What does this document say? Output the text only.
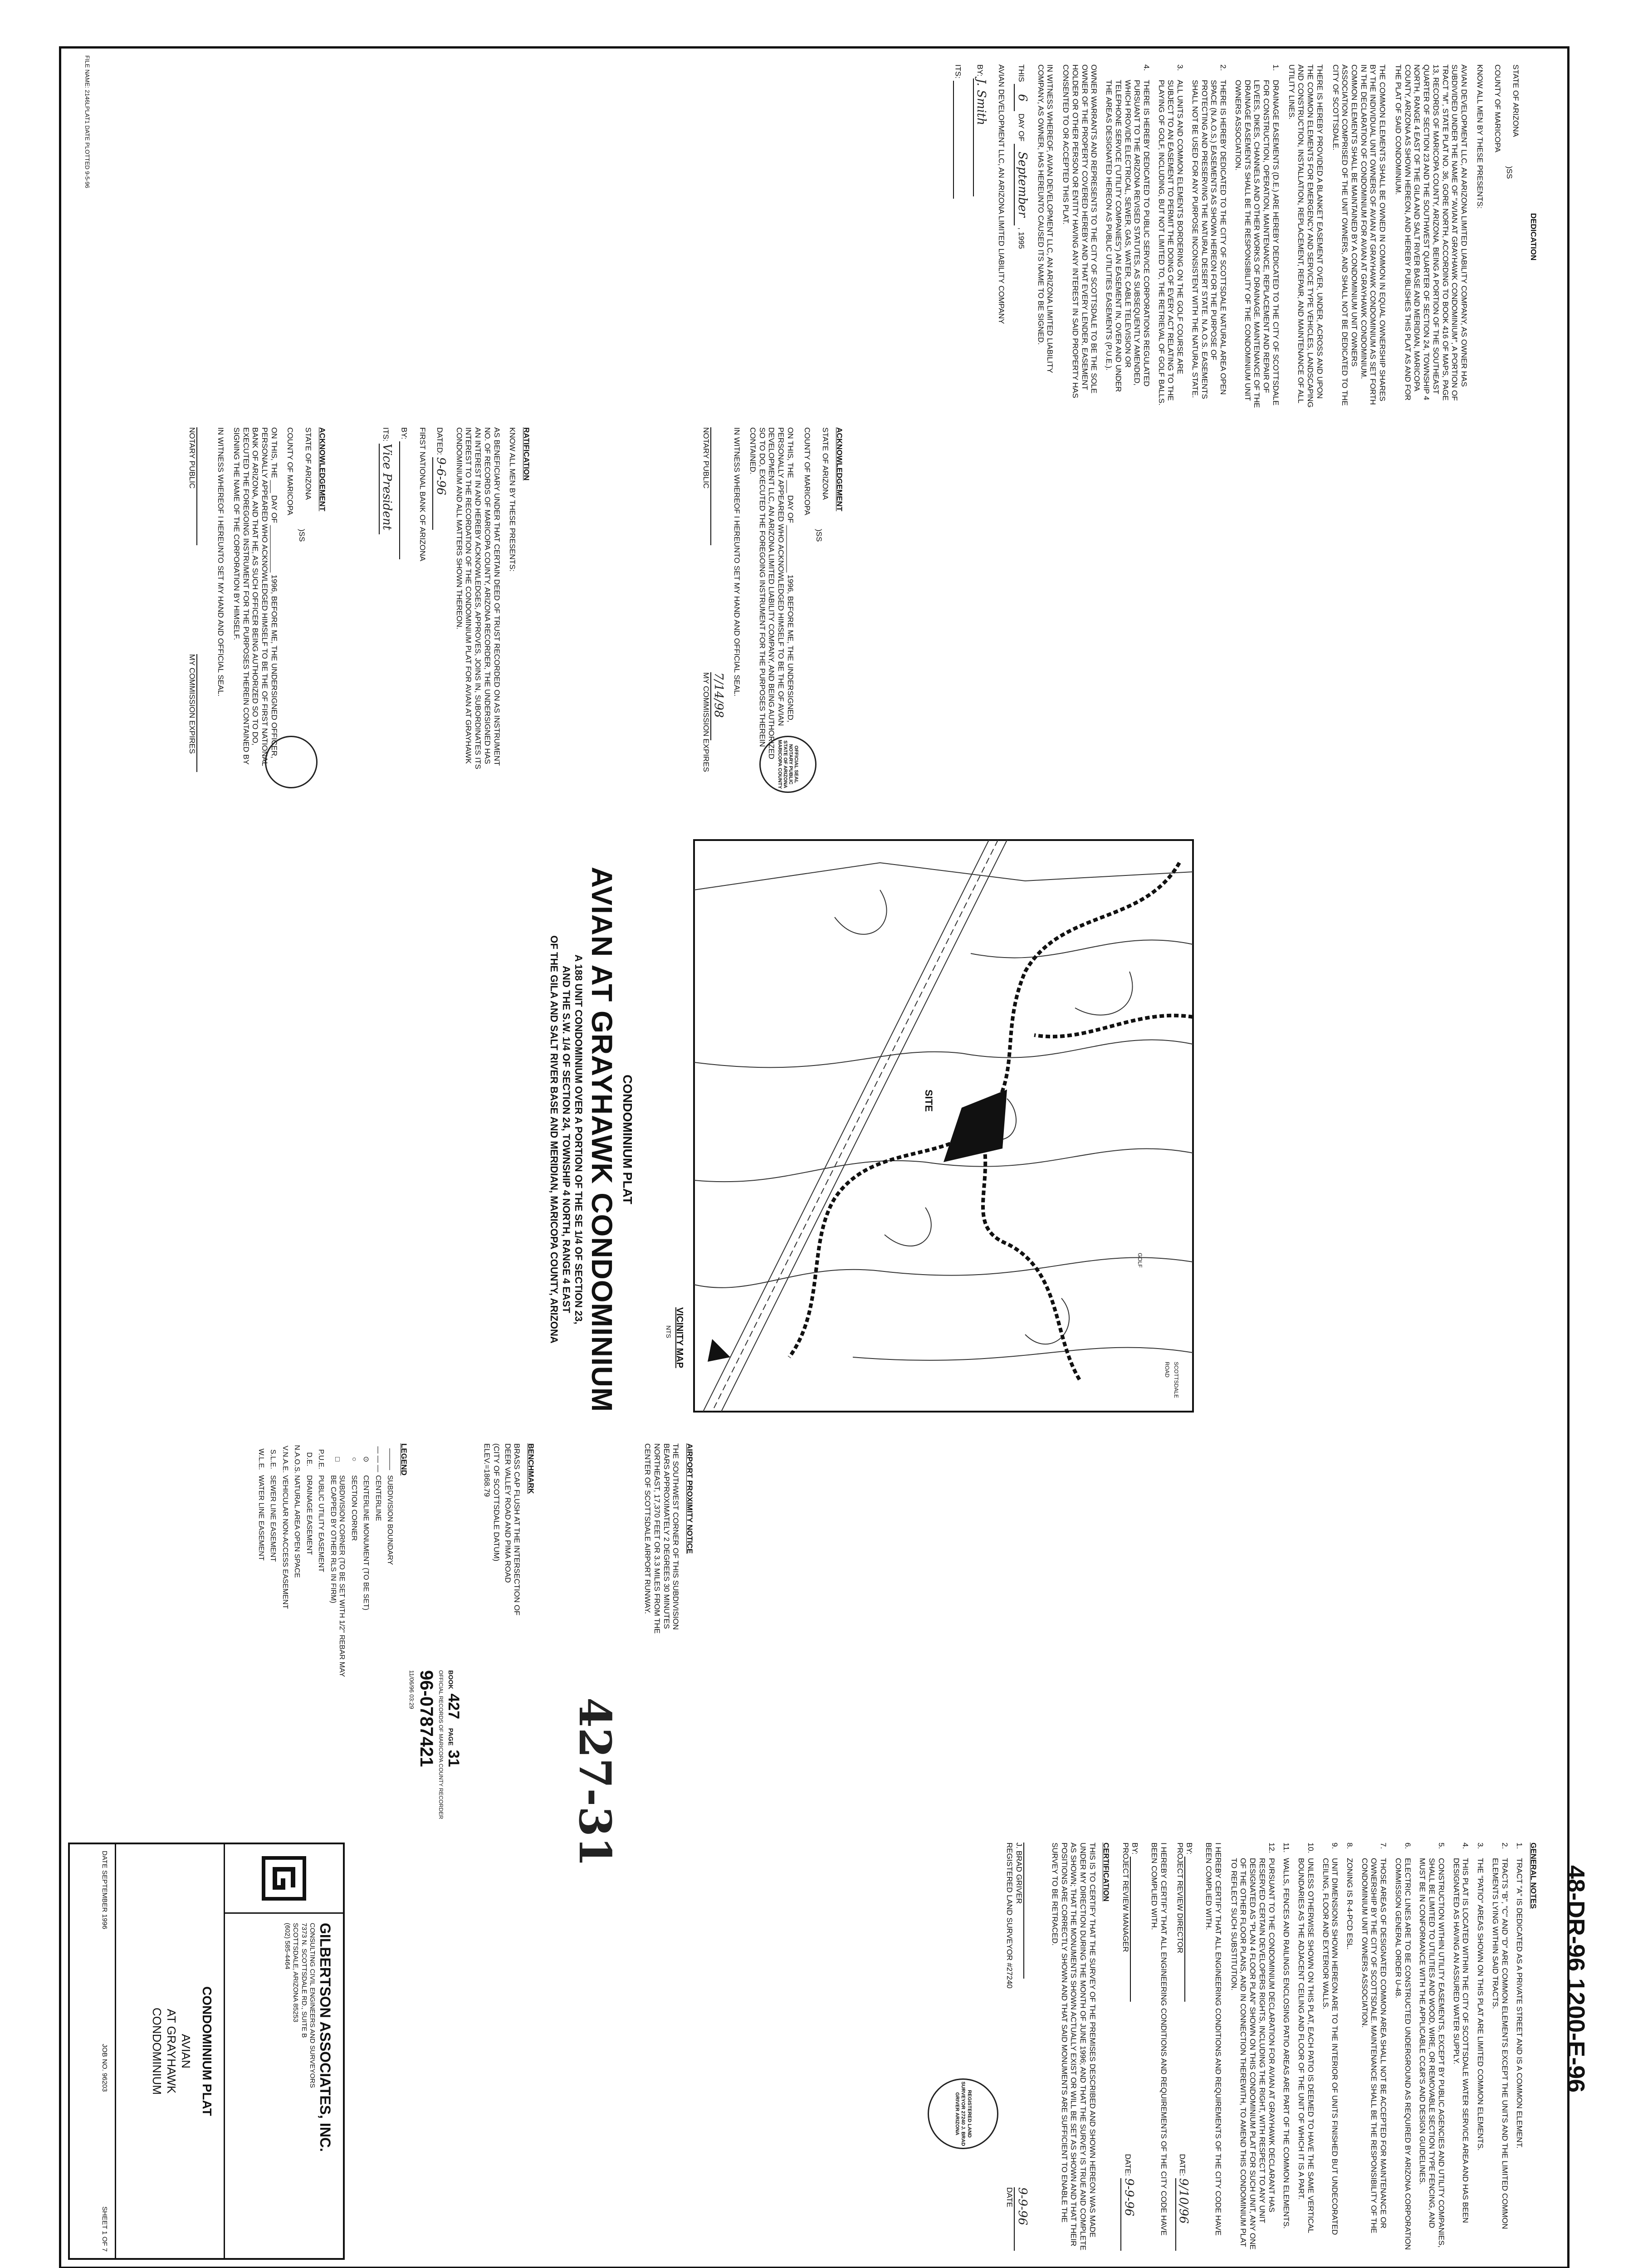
48-DR-96 1200-E-96
DEDICATION
STATE OF ARIZONA
COUNTY OF MARICOPA
)SS

KNOW ALL MEN BY THESE PRESENTS:

AVIAN DEVELOPMENT LLC, AN ARIZONA LIMITED LIABILITY COMPANY, AS OWNER HAS SUBDIVIDED UNDER THE NAME OF "AVIAN AT GRAYHAWK CONDOMINIUM", A PORTION OF TRACT "M", STATE PLAT NO. 36, GORE NORTH, ACCORDING TO BOOK 416 OF MAPS, PAGE 13, RECORDS OF MARICOPA COUNTY, ARIZONA, BEING A PORTION OF THE SOUTHEAST QUARTER OF SECTION 23 AND THE SOUTHWEST QUARTER OF SECTION 24, TOWNSHIP 4 NORTH, RANGE 4 EAST OF THE GILA AND SALT RIVER BASE AND MERIDIAN, MARICOPA COUNTY, ARIZONA AS SHOWN HEREON, AND HEREBY PUBLISHES THIS PLAT AS AND FOR THE PLAT OF SAID CONDOMINIUM.

THE COMMON ELEMENTS SHALL BE OWNED IN COMMON IN EQUAL OWNERSHIP SHARES BY THE INDIVIDUAL UNIT OWNERS OF AVIAN AT GRAYHAWK CONDOMINIUM AS SET FORTH IN THE DECLARATION OF CONDOMINIUM FOR AVIAN AT GRAYHAWK CONDOMINIUM. COMMON ELEMENTS SHALL BE MAINTAINED BY A CONDOMINIUM UNIT OWNERS ASSOCIATION COMPRISED OF THE UNIT OWNERS, AND SHALL NOT BE DEDICATED TO THE CITY OF SCOTTSDALE.

THERE IS HEREBY PROVIDED A BLANKET EASEMENT OVER, UNDER, ACROSS AND UPON THE COMMON ELEMENTS FOR EMERGENCY AND SERVICE TYPE VEHICLES, LANDSCAPING AND CONSTRUCTION, INSTALLATION, REPLACEMENT, REPAIR, AND MAINTENANCE OF ALL UTILITY LINES.

1.
DRAINAGE EASEMENTS (D.E.) ARE HEREBY DEDICATED TO THE CITY OF SCOTTSDALE FOR CONSTRUCTION, OPERATION, MAINTENANCE, REPLACEMENT AND REPAIR OF LEVEES, DIKES, CHANNELS AND OTHER WORKS OF DRAINAGE. MAINTENANCE OF THE DRAINAGE EASEMENTS SHALL BE THE RESPONSIBILITY OF THE CONDOMINIUM UNIT OWNERS ASSOCIATION.
2.
THERE IS HEREBY DEDICATED TO THE CITY OF SCOTTSDALE NATURAL AREA OPEN SPACE (N.A.O.S.) EASEMENTS AS SHOWN HEREON FOR THE PURPOSE OF PROTECTING AND PRESERVING THE NATURAL DESERT STATE. N.A.O.S. EASEMENTS SHALL NOT BE USED FOR ANY PURPOSE INCONSISTENT WITH THE NATURAL STATE.
3.
ALL UNITS AND COMMON ELEMENTS BORDERING ON THE GOLF COURSE ARE SUBJECT TO AN EASEMENT TO PERMIT THE DOING OF EVERY ACT RELATING TO THE PLAYING OF GOLF, INCLUDING, BUT NOT LIMITED TO, THE RETRIEVAL OF GOLF BALLS.
4.
THERE IS HEREBY DEDICATED TO PUBLIC SERVICE CORPORATIONS REGULATED PURSUANT TO THE ARIZONA REVISED STATUTES, AS SUBSEQUENTLY AMENDED, WHICH PROVIDE ELECTRICAL, SEWER, GAS, WATER, CABLE TELEVISION OR TELEPHONE SERVICE ("UTILITY COMPANIES") AN EASEMENT IN, OVER AND UNDER THE AREAS DESIGNATED HEREON AS PUBLIC UTILITIES EASEMENTS (P.U.E.).

OWNER WARRANTS AND REPRESENTS TO THE CITY OF SCOTTSDALE TO BE THE SOLE OWNER OF THE PROPERTY COVERED HEREBY AND THAT EVERY LENDER, EASEMENT HOLDER OR OTHER PERSON OR ENTITY HAVING ANY INTEREST IN SAID PROPERTY HAS CONSENTED TO OR ACCEPTED THIS PLAT.

IN WITNESS WHEREOF, AVIAN DEVELOPMENT LLC, AN ARIZONA LIMITED LIABILITY COMPANY, AS OWNER, HAS HEREUNTO CAUSED ITS NAME TO BE SIGNED.

THIS 6 DAY OF September , 1995
AVIAN DEVELOPMENT LLC, AN ARIZONA LIMITED LIABILITY COMPANY
BY: J. Smith
ITS:
FILE NAME: 2146LPLAT1 DATE PLOTTED 9-5-96
ACKNOWLEDGEMENT
STATE OF ARIZONA
COUNTY OF MARICOPA
)SS

ON THIS, THE ___ DAY OF ___________ 1996, BEFORE ME, THE UNDERSIGNED, PERSONALLY APPEARED WHO ACKNOWLEDGED HIMSELF TO BE THE OF AVIAN DEVELOPMENT LLC, AN ARIZONA LIMITED LIABILITY COMPANY, AND BEING AUTHORIZED SO TO DO, EXECUTED THE FOREGOING INSTRUMENT FOR THE PURPOSES THEREIN CONTAINED.

IN WITNESS WHEREOF I HEREUNTO SET MY HAND AND OFFICIAL SEAL.

NOTARY PUBLIC
7/14/98
MY COMMISSION EXPIRES	OFFICIAL SEAL NOTARY PUBLIC STATE OF ARIZONA MARICOPA COUNTY
RATIFICATION

KNOW ALL MEN BY THESE PRESENTS:

AS BENEFICIARY UNDER THAT CERTAIN DEED OF TRUST RECORDED ON AS INSTRUMENT NO. OF RECORDS OF MARICOPA COUNTY, ARIZONA RECORDER, THE UNDERSIGNED HAS AN INTEREST IN AND HEREBY ACKNOWLEDGES, APPROVES, JOINS IN, SUBORDINATES ITS INTEREST TO THE RECORDATION OF THE CONDOMINIUM PLAT FOR AVIAN AT GRAYHAWK CONDOMINIUM AND ALL MATTERS SHOWN THEREON.

DATED: 9-6-96
FIRST NATIONAL BANK OF ARIZONA
BY:
ITS: Vice President
ACKNOWLEDGEMENT
STATE OF ARIZONA
COUNTY OF MARICOPA
)SS

ON THIS, THE ___ DAY OF ___________ 1996, BEFORE ME, THE UNDERSIGNED OFFICER, PERSONALLY APPEARED WHO ACKNOWLEDGED HIMSELF TO BE THE OF FIRST NATIONAL BANK OF ARIZONA, AND THAT HE, AS SUCH OFFICER BEING AUTHORIZED SO TO DO, EXECUTED THE FOREGOING INSTRUMENT FOR THE PURPOSES THEREIN CONTAINED BY SIGNING THE NAME OF THE CORPORATION BY HIMSELF.

IN WITNESS WHEREOF I HEREUNTO SET MY HAND AND OFFICIAL SEAL.

NOTARY PUBLIC
MY COMMISSION EXPIRES
CONDOMINIUM PLAT
AVIAN AT GRAYHAWK CONDOMINIUM
A 188 UNIT CONDOMINIUM OVER A PORTION OF THE SE 1/4 OF SECTION 23,
AND THE S.W. 1/4 OF SECTION 24, TOWNSHIP 4 NORTH, RANGE 4 EAST
OF THE GILA AND SALT RIVER BASE AND MERIDIAN, MARICOPA COUNTY, ARIZONA	SITE
GOLF
SCOTTSDALE
ROAD
VICINITY MAP
NTS
AIRPORT PROXIMITY NOTICE

THE SOUTHWEST CORNER OF THIS SUBDIVISION BEARS APPROXIMATELY 2 DEGREES 30 MINUTES NORTHEAST, 17,370 FEET OR 3.3 MILES FROM THE CENTER OF SCOTTSDALE AIRPORT RUNWAY.

BENCHMARK

BRASS CAP FLUSH AT THE INTERSECTION OF DEER VALLEY ROAD AND PIMA ROAD

(CITY OF SCOTTSDALE DATUM)
ELEV.=1868.79
LEGEND
———
SUBDIVISION BOUNDARY
— — —
CENTERLINE
⊙
CENTERLINE MONUMENT (TO BE SET)
○
SECTION CORNER
□
SUBDIVISION CORNER (TO BE SET WITH 1/2" REBAR MAY BE CAPPED BY OTHER RLS IN FIRM)
P.U.E.
PUBLIC UTILITY EASEMENT
D.E.
DRAINAGE EASEMENT
N.A.O.S.
NATURAL AREA OPEN SPACE
V.N.A.E.
VEHICULAR NON-ACCESS EASEMENT
S.L.E.
SEWER LINE EASEMENT
W.L.E.
WATER LINE EASEMENT
GENERAL NOTES
1.
TRACT "A" IS DEDICATED AS A PRIVATE STREET AND IS A COMMON ELEMENT.
2.
TRACTS "B", "C" AND "D" ARE COMMON ELEMENTS EXCEPT THE UNITS AND THE LIMITED COMMON ELEMENTS LYING WITHIN SAID TRACTS.
3.
THE "PATIO" AREAS SHOWN ON THIS PLAT ARE LIMITED COMMON ELEMENTS.
4.
THIS PLAT IS LOCATED WITHIN THE CITY OF SCOTTSDALE WATER SERVICE AREA AND HAS BEEN DESIGNATED AS HAVING AN ASSURED WATER SUPPLY.
5.
CONSTRUCTION WITHIN UTILITY EASEMENTS, EXCEPT BY PUBLIC AGENCIES AND UTILITY COMPANIES, SHALL BE LIMITED TO UTILITIES AND WOOD, WIRE, OR REMOVABLE SECTION TYPE FENCING, AND MUST BE IN CONFORMANCE WITH THE APPLICABLE CC&R'S AND DESIGN GUIDELINES.
6.
ELECTRIC LINES ARE TO BE CONSTRUCTED UNDERGROUND AS REQUIRED BY ARIZONA CORPORATION COMMISSION GENERAL ORDER U-48.
7.
THOSE AREAS OF DESIGNATED COMMON AREA SHALL NOT BE ACCEPTED FOR MAINTENANCE OR OWNERSHIP BY THE CITY OF SCOTTSDALE. MAINTENANCE SHALL BE THE RESPONSIBILITY OF THE CONDOMINIUM UNIT OWNERS ASSOCIATION.
8.
ZONING IS R-4-PCD ESL.
9.
UNIT DIMENSIONS SHOWN HEREON ARE TO THE INTERIOR OF UNITS FINISHED BUT UNDECORATED CEILING, FLOOR AND EXTERIOR WALLS.
10.
UNLESS OTHERWISE SHOWN ON THIS PLAT, EACH PATIO IS DEEMED TO HAVE THE SAME VERTICAL BOUNDARIES AS THE ADJACENT CEILING AND FLOOR OF THE UNIT OF WHICH IT IS A PART.
11.
WALLS, FENCES AND RAILINGS ENCLOSING PATIO AREAS ARE PART OF THE COMMON ELEMENTS.
12.
PURSUANT TO THE CONDOMINIUM DECLARATION FOR AVIAN AT GRAYHAWK DECLARANT HAS RESERVED CERTAIN DEVELOPERS RIGHTS, INCLUDING THE RIGHT, WITH RESPECT TO ANY UNIT DESIGNATED AS "PLAN 4 FLOOR PLAN" SHOWN ON THIS CONDOMINIUM PLAT FOR SUCH UNIT, ANY ONE OF THE OTHER FLOOR PLANS, AND IN CONNECTION THEREWITH, TO AMEND THIS CONDOMINIUM PLAT TO REFLECT SUCH SUBSTITUTION.

I HEREBY CERTIFY THAT ALL ENGINEERING CONDITIONS AND REQUIREMENTS OF THE CITY CODE HAVE BEEN COMPLIED WITH.

BY:
PROJECT REVIEW DIRECTOR
DATE: 9/10/96

I HEREBY CERTIFY THAT ALL ENGINEERING CONDITIONS AND REQUIREMENTS OF THE CITY CODE HAVE BEEN COMPLIED WITH.

BY:
PROJECT REVIEW MANAGER
DATE: 9-9-96
CERTIFICATION

THIS IS TO CERTIFY THAT THE SURVEY OF THE PREMISES DESCRIBED AND SHOWN HEREON WAS MADE UNDER MY DIRECTION DURING THE MONTH OF JUNE 1996; AND THAT THE SURVEY IS TRUE AND COMPLETE AS SHOWN; THAT THE MONUMENTS SHOWN ACTUALLY EXIST OR WILL BE SET AS SHOWN AND THAT THEIR POSITIONS ARE CORRECTLY SHOWN AND THAT SAID MONUMENTS ARE SUFFICIENT TO ENABLE THE SURVEY TO BE RETRACED.

J. BRAD GRIVER
REGISTERED LAND SURVEYOR #27240
9-9-96
DATE
REGISTERED LAND SURVEYOR 27240 J. BRAD GRIVER ARIZONA
BOOK 427 PAGE 31
OFFICIAL RECORDS OF MARICOPA COUNTY RECORDER
96-0787421
11/06/96 03:29
427-31
GILBERTSON ASSOCIATES, INC.
CONSULTING CIVIL ENGINEERS AND SURVEYORS
7373 N. SCOTTSDALE RD., SUITE B
SCOTTSDALE, ARIZONA 85253
(602) 585-4464
CONDOMINIUM PLAT
AVIAN
AT GRAYHAWK
CONDOMINIUM
DATE SEPTEMBER 1996
JOB NO. 96203
SHEET 1 OF 7
